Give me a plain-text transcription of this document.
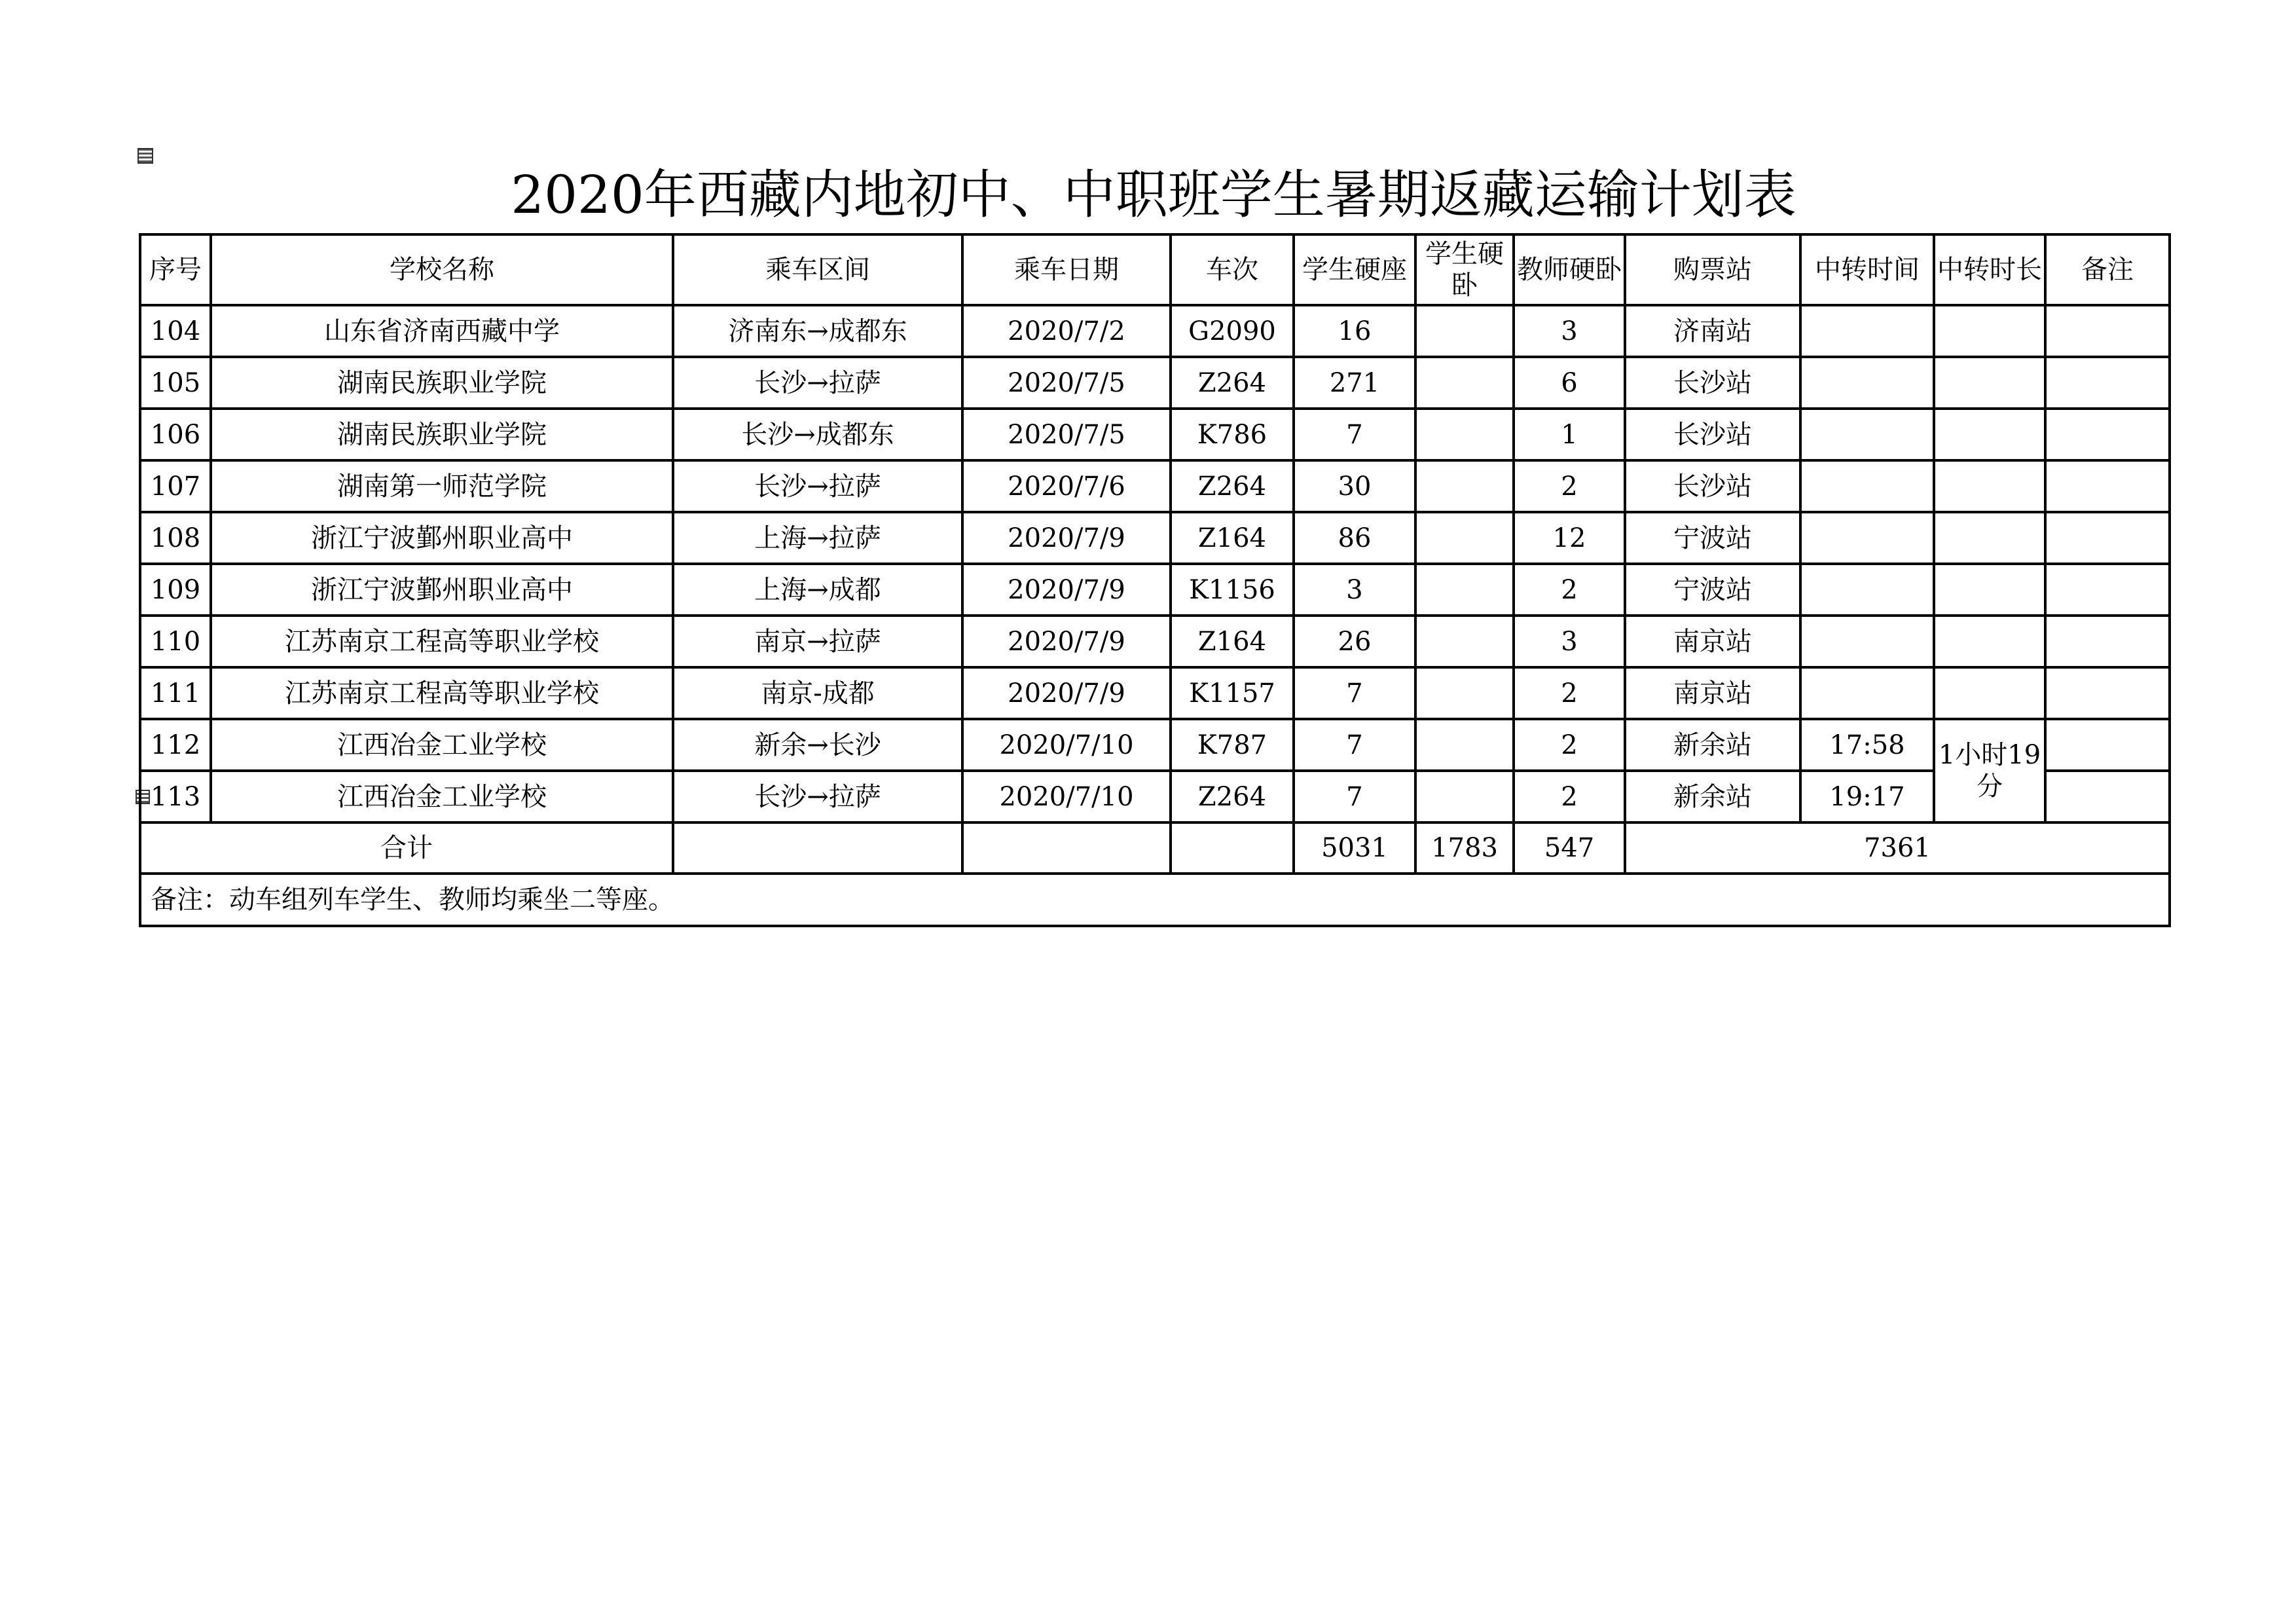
2020年西藏内地初中、中职班学生暑期返藏运输计划表
序号	学校名称	乘车区间	乘车日期	车次	学生硬座	学生硬卧	教师硬卧	购票站	中转时间	中转时长	备注
104	山东省济南西藏中学	济南东→成都东	2020/7/2	G2090	16		3	济南站			
105	湖南民族职业学院	长沙→拉萨	2020/7/5	Z264	271		6	长沙站			
106	湖南民族职业学院	长沙→成都东	2020/7/5	K786	7		1	长沙站			
107	湖南第一师范学院	长沙→拉萨	2020/7/6	Z264	30		2	长沙站			
108	浙江宁波鄞州职业高中	上海→拉萨	2020/7/9	Z164	86		12	宁波站			
109	浙江宁波鄞州职业高中	上海→成都	2020/7/9	K1156	3		2	宁波站			
110	江苏南京工程高等职业学校	南京→拉萨	2020/7/9	Z164	26		3	南京站			
111	江苏南京工程高等职业学校	南京-成都	2020/7/9	K1157	7		2	南京站			
112	江西冶金工业学校	新余→长沙	2020/7/10	K787	7		2	新余站	17:58	1小时19分	
113	江西冶金工业学校	长沙→拉萨	2020/7/10	Z264	7		2	新余站	19:17		
合计					5031	1783	547	7361			
备注：动车组列车学生、教师均乘坐二等座。											
